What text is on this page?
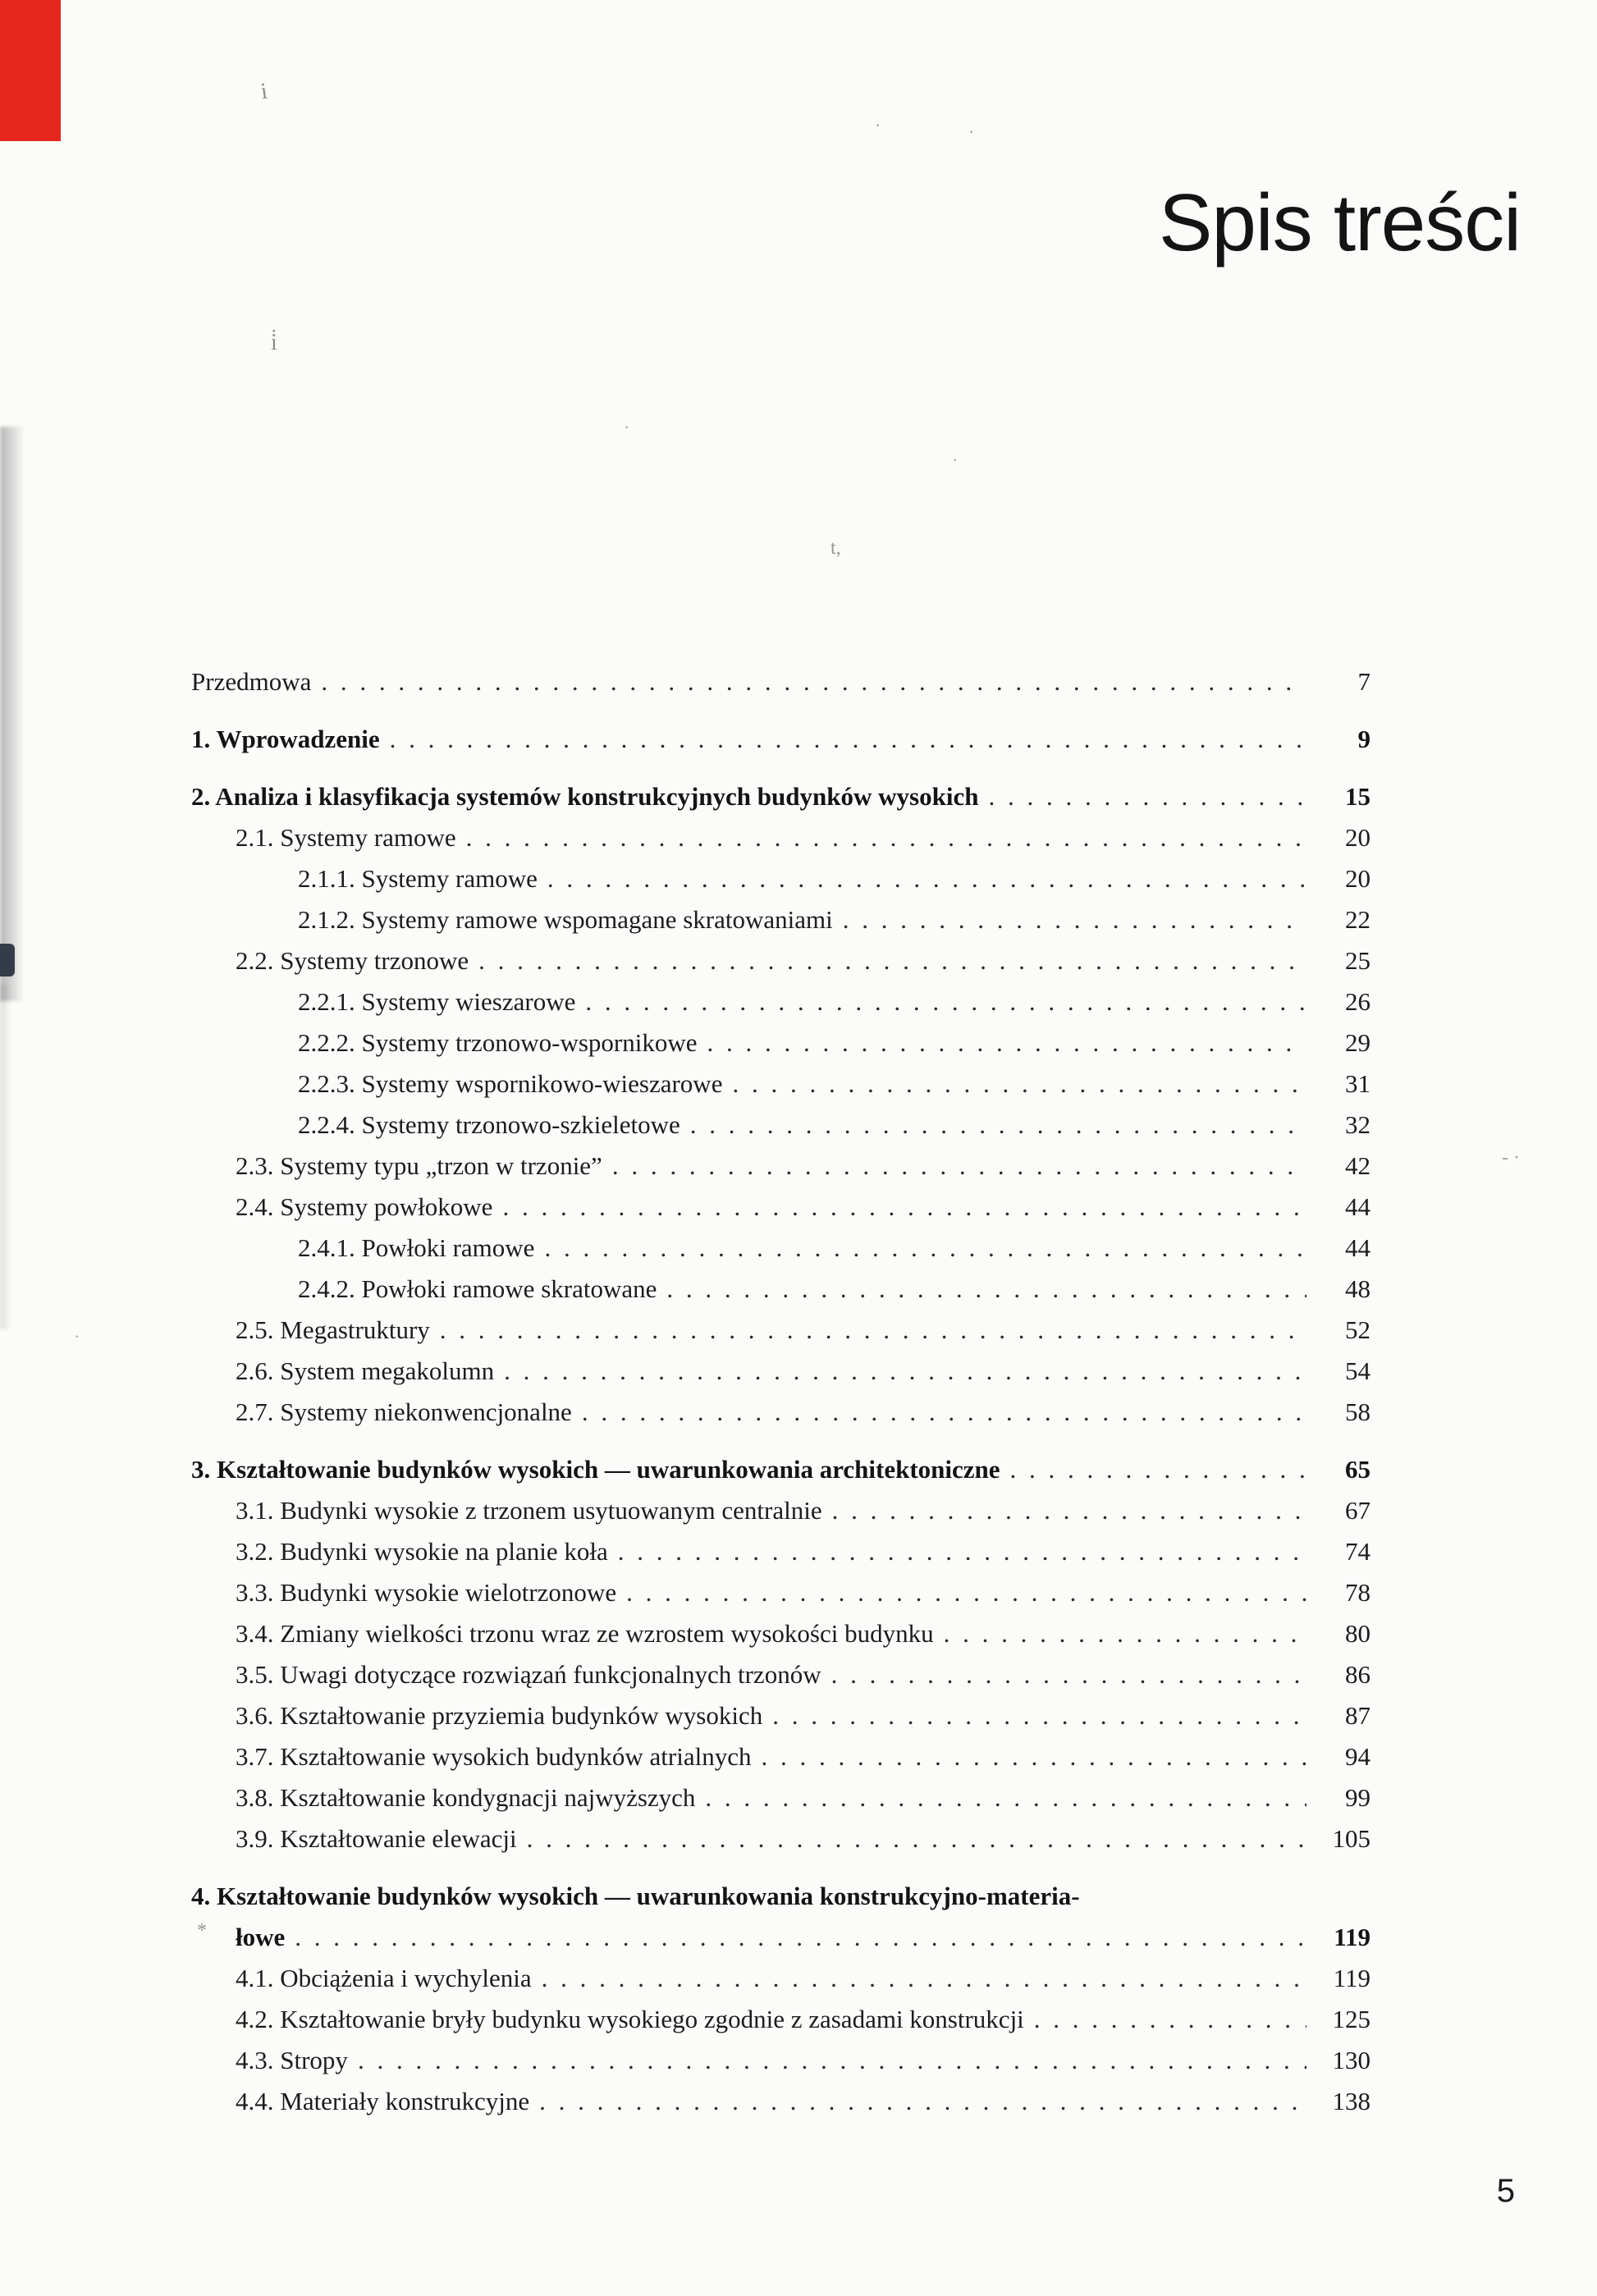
i
i̇
·	·
·
t,
·
·
- ·
*
Spis treści
Przedmowa . . .	7
1. Wprowadzenie . . .	9
2. Analiza i klasyfikacja systemów konstrukcyjnych budynków wysokich . . .	15
2.1. Systemy ramowe . . .	20
2.1.1. Systemy ramowe . . .	20
2.1.2. Systemy ramowe wspomagane skratowaniami . . .	22
2.2. Systemy trzonowe . . .	25
2.2.1. Systemy wieszarowe . . .	26
2.2.2. Systemy trzonowo-wspornikowe . . .	29
2.2.3. Systemy wspornikowo-wieszarowe . . .	31
2.2.4. Systemy trzonowo-szkieletowe . . .	32
2.3. Systemy typu „trzon w trzonie” . . .	42
2.4. Systemy powłokowe . . .	44
2.4.1. Powłoki ramowe . . .	44
2.4.2. Powłoki ramowe skratowane . . .	48
2.5. Megastruktury . . .	52
2.6. System megakolumn . . .	54
2.7. Systemy niekonwencjonalne . . .	58
3. Kształtowanie budynków wysokich — uwarunkowania architektoniczne . . .	65
3.1. Budynki wysokie z trzonem usytuowanym centralnie . . .	67
3.2. Budynki wysokie na planie koła . . .	74
3.3. Budynki wysokie wielotrzonowe . . .	78
3.4. Zmiany wielkości trzonu wraz ze wzrostem wysokości budynku . . .	80
3.5. Uwagi dotyczące rozwiązań funkcjonalnych trzonów . . .	86
3.6. Kształtowanie przyziemia budynków wysokich . . .	87
3.7. Kształtowanie wysokich budynków atrialnych . . .	94
3.8. Kształtowanie kondygnacji najwyższych . . .	99
3.9. Kształtowanie elewacji . . .	105
4. Kształtowanie budynków wysokich — uwarunkowania konstrukcyjno-materia-
łowe . . .	119
4.1. Obciążenia i wychylenia . . .	119
4.2. Kształtowanie bryły budynku wysokiego zgodnie z zasadami konstrukcji . . .	125
4.3. Stropy . . .	130
4.4. Materiały konstrukcyjne . . .	138
5
